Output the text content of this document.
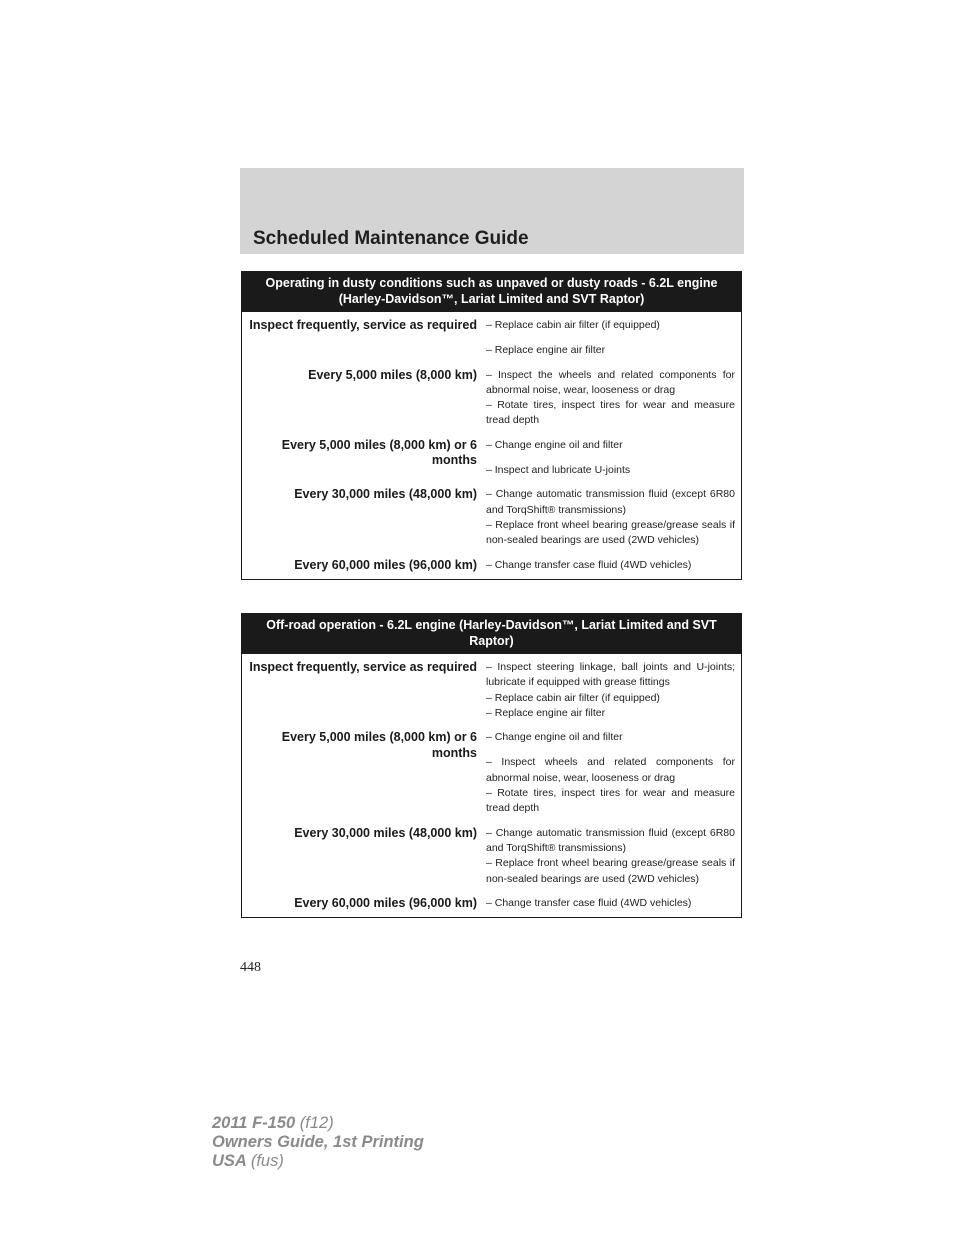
Scheduled Maintenance Guide
Operating in dusty conditions such as unpaved or dusty roads - 6.2L engine (Harley-Davidson™, Lariat Limited and SVT Raptor)
Inspect frequently, service as required – Replace cabin air filter (if equipped)
– Replace engine air filter
Every 5,000 miles (8,000 km) – Inspect the wheels and related components for abnormal noise, wear, looseness or drag
– Rotate tires, inspect tires for wear and measure tread depth
Every 5,000 miles (8,000 km) or 6 months
– Change engine oil and filter
– Inspect and lubricate U-joints
Every 30,000 miles (48,000 km) – Change automatic transmission fluid (except 6R80 and TorqShift® transmissions)
– Replace front wheel bearing grease/grease seals if non-sealed bearings are used (2WD vehicles)
Every 60,000 miles (96,000 km) – Change transfer case fluid (4WD vehicles)
Off-road operation - 6.2L engine (Harley-Davidson™, Lariat Limited and SVT Raptor)
Inspect frequently, service as required – Inspect steering linkage, ball joints and U-joints; lubricate if equipped with grease fittings
– Replace cabin air filter (if equipped)
– Replace engine air filter
Every 5,000 miles (8,000 km) or 6 months
– Change engine oil and filter
– Inspect wheels and related components for abnormal noise, wear, looseness or drag
– Rotate tires, inspect tires for wear and measure tread depth
Every 30,000 miles (48,000 km) – Change automatic transmission fluid (except 6R80 and TorqShift® transmissions)
– Replace front wheel bearing grease/grease seals if non-sealed bearings are used (2WD vehicles)
Every 60,000 miles (96,000 km) – Change transfer case fluid (4WD vehicles)
448
2011 F-150 (f12)
Owners Guide, 1st Printing
USA (fus)
